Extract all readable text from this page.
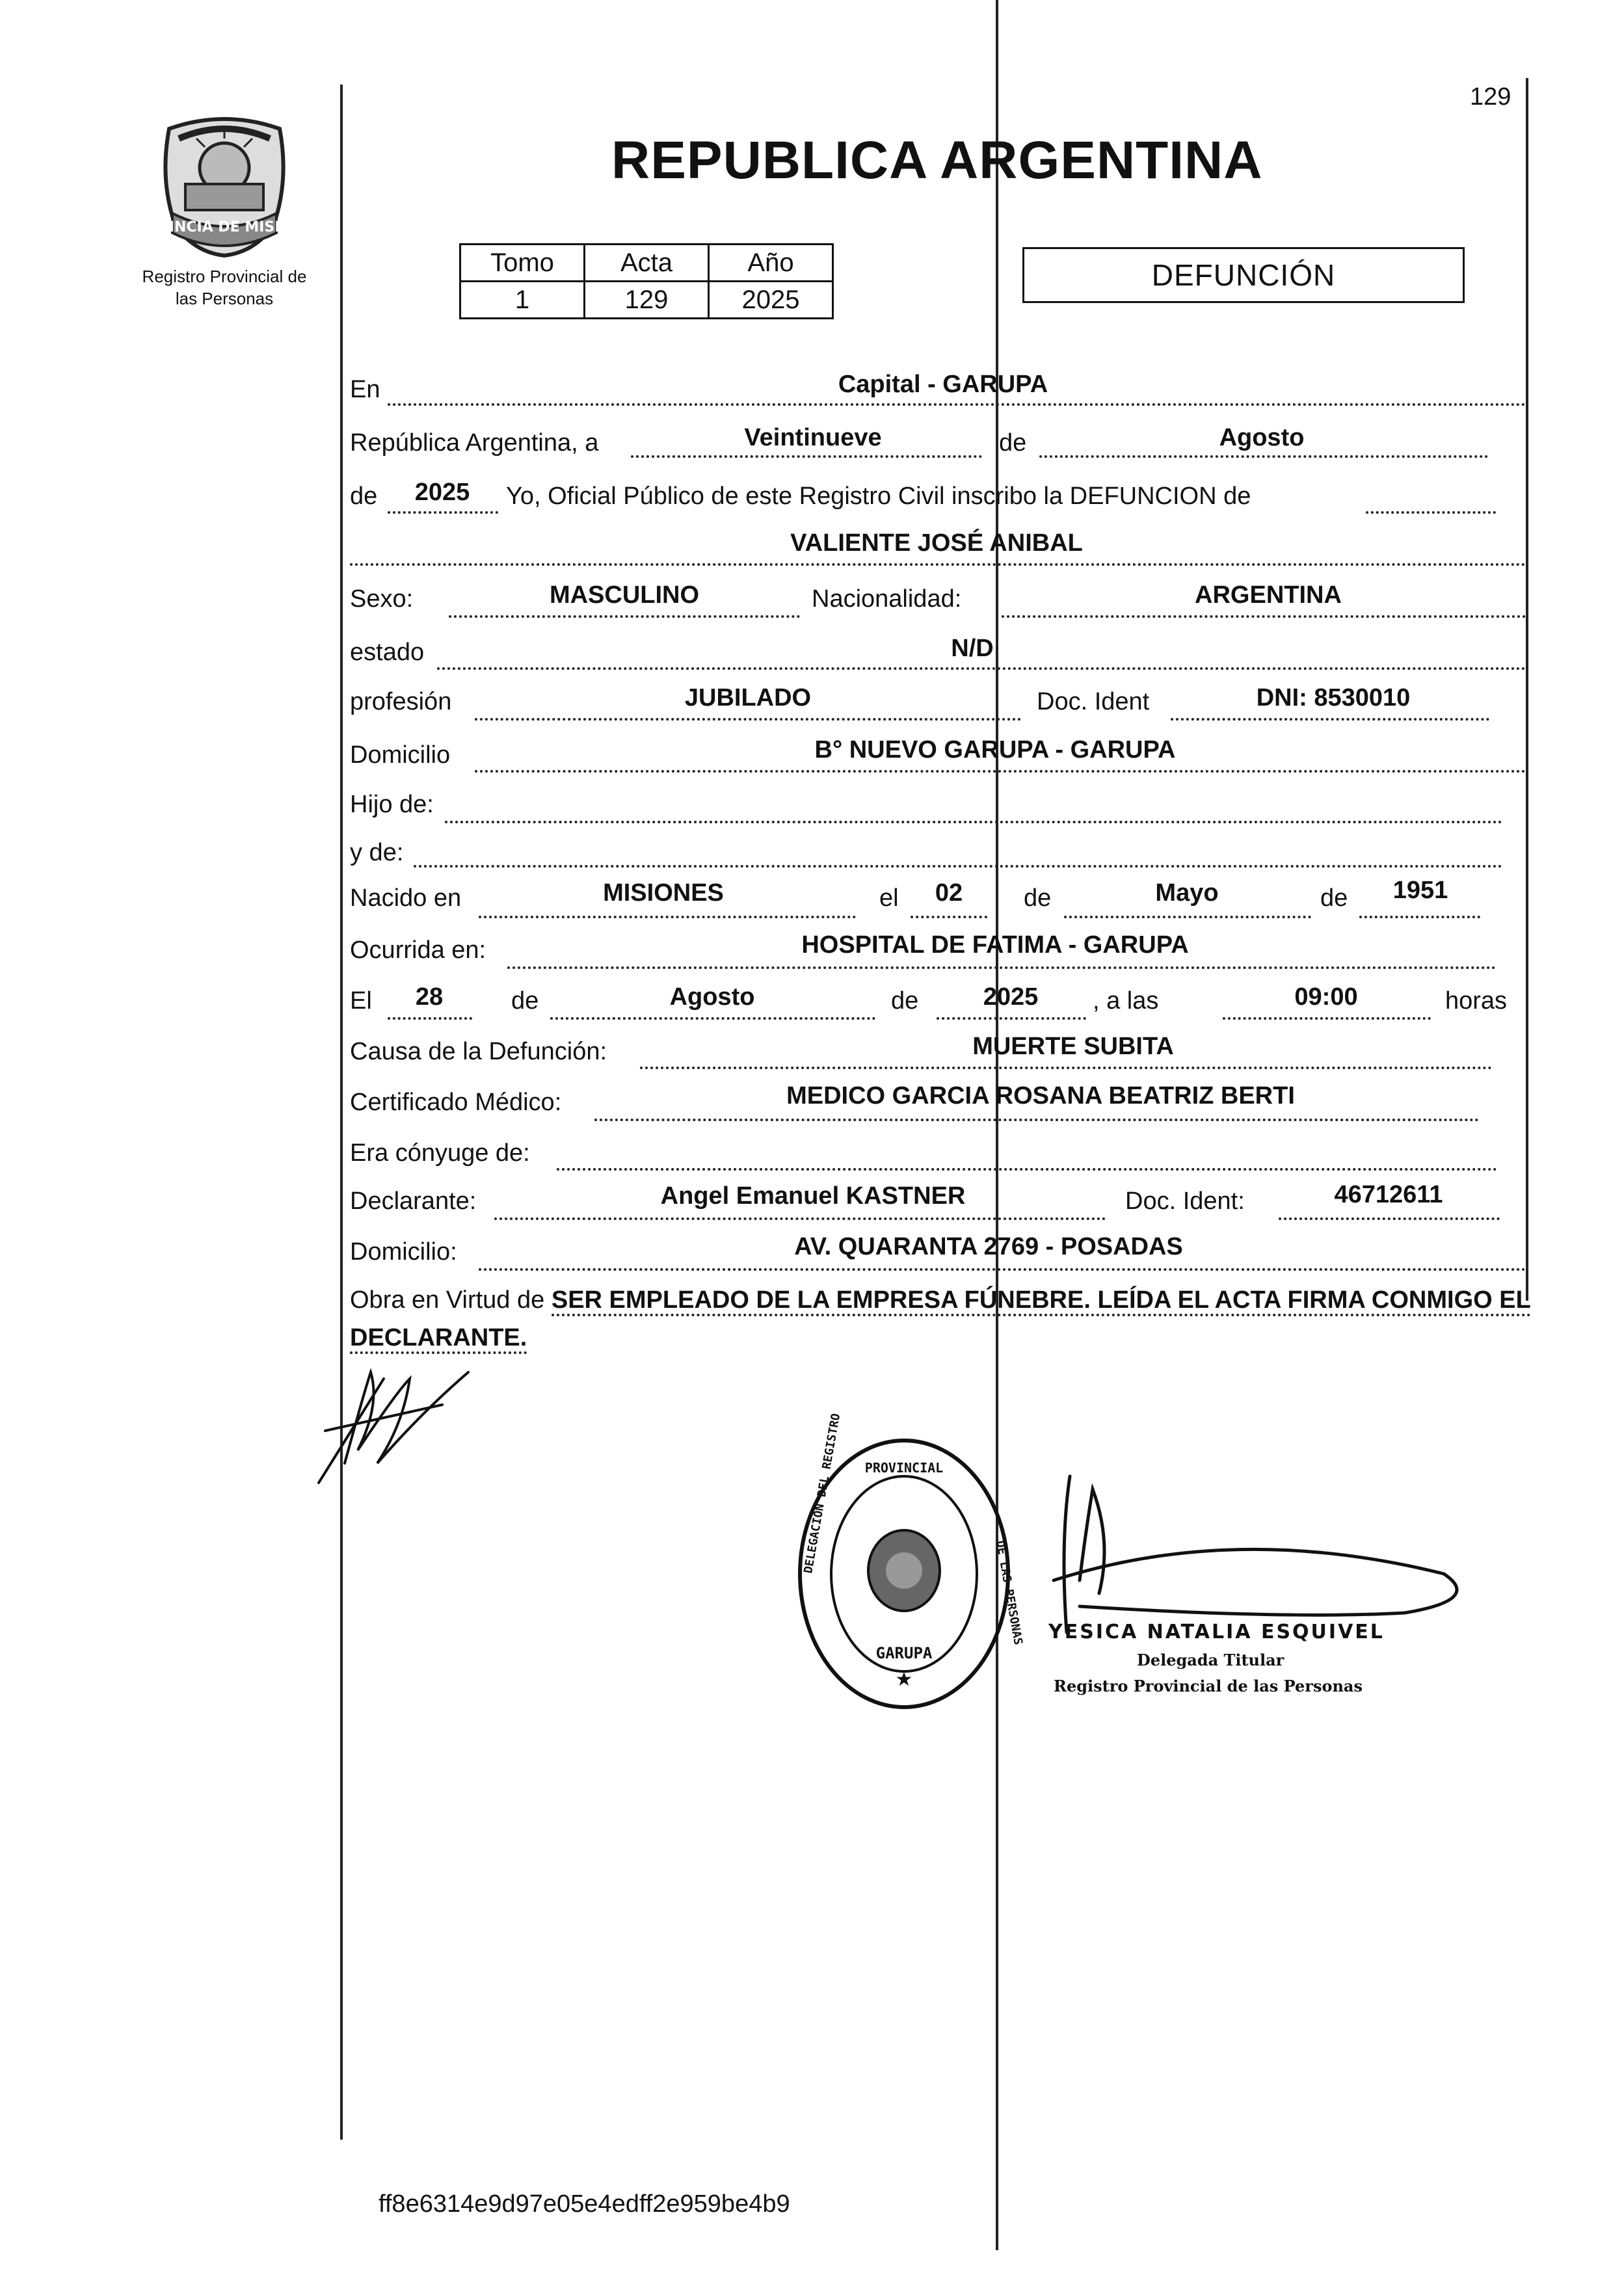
129
PROVINCIA DE MISIONES
Registro Provincial de
las Personas
REPUBLICA ARGENTINA
Tomo	Acta	Año
1	129	2025
DEFUNCIÓN
En	Capital - GARUPA
República Argentina, a	Veintinueve	de	Agosto
de	2025	Yo, Oficial Público de este Registro Civil inscribo la DEFUNCION de
VALIENTE JOSÉ ANIBAL
Sexo:	MASCULINO	Nacionalidad:	ARGENTINA
estado	N/D
profesión	JUBILADO	Doc. Ident	DNI: 8530010
Domicilio	B° NUEVO GARUPA - GARUPA
Hijo de:
y de:
Nacido en	MISIONES	el	02	de	Mayo	de	1951
Ocurrida en:	HOSPITAL DE FATIMA - GARUPA
El	28	de	Agosto	de	2025	, a las	09:00	horas
Causa de la Defunción:	MUERTE SUBITA
Certificado Médico:	MEDICO GARCIA ROSANA BEATRIZ BERTI
Era cónyuge de:
Declarante:	Angel Emanuel KASTNER	Doc. Ident:	46712611
Domicilio:	AV. QUARANTA 2769 - POSADAS
Obra en Virtud de SER EMPLEADO DE LA EMPRESA FÚNEBRE. LEÍDA EL ACTA FIRMA CONMIGO EL DECLARANTE.
PROVINCIAL
GARUPA
★
DELEGACION DEL REGISTRO
DE LAS PERSONAS YESICA NATALIA ESQUIVEL
Delegada Titular
Registro Provincial de las Personas
ff8e6314e9d97e05e4edff2e959be4b9
